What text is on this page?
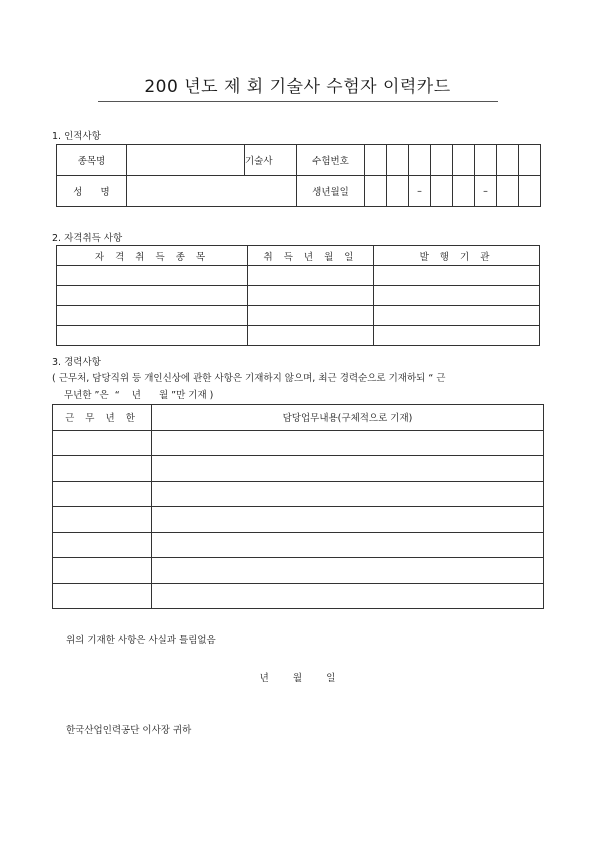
200 년도 제 회 기술사 수험자 이력카드
1. 인적사항
종목명		기술사	수험번호								
성      명			생년월일			–			–		
2. 자격취득 사항
자 격 취 득 종 목	취 득 년 월 일	발 행 기 관

3. 경력사항
( 근무처, 담당직위 등 개인신상에 관한 사항은 기재하지 않으며, 최근 경력순으로 기재하되 “ 근
무년한 ”은  “    년      월 ”만 기재 )
근 무 년 한	담당업무내용(구체적으로 기재)

위의 기재한 사항은 사실과 틀림없음
년        월        일
한국산업인력공단 이사장 귀하
